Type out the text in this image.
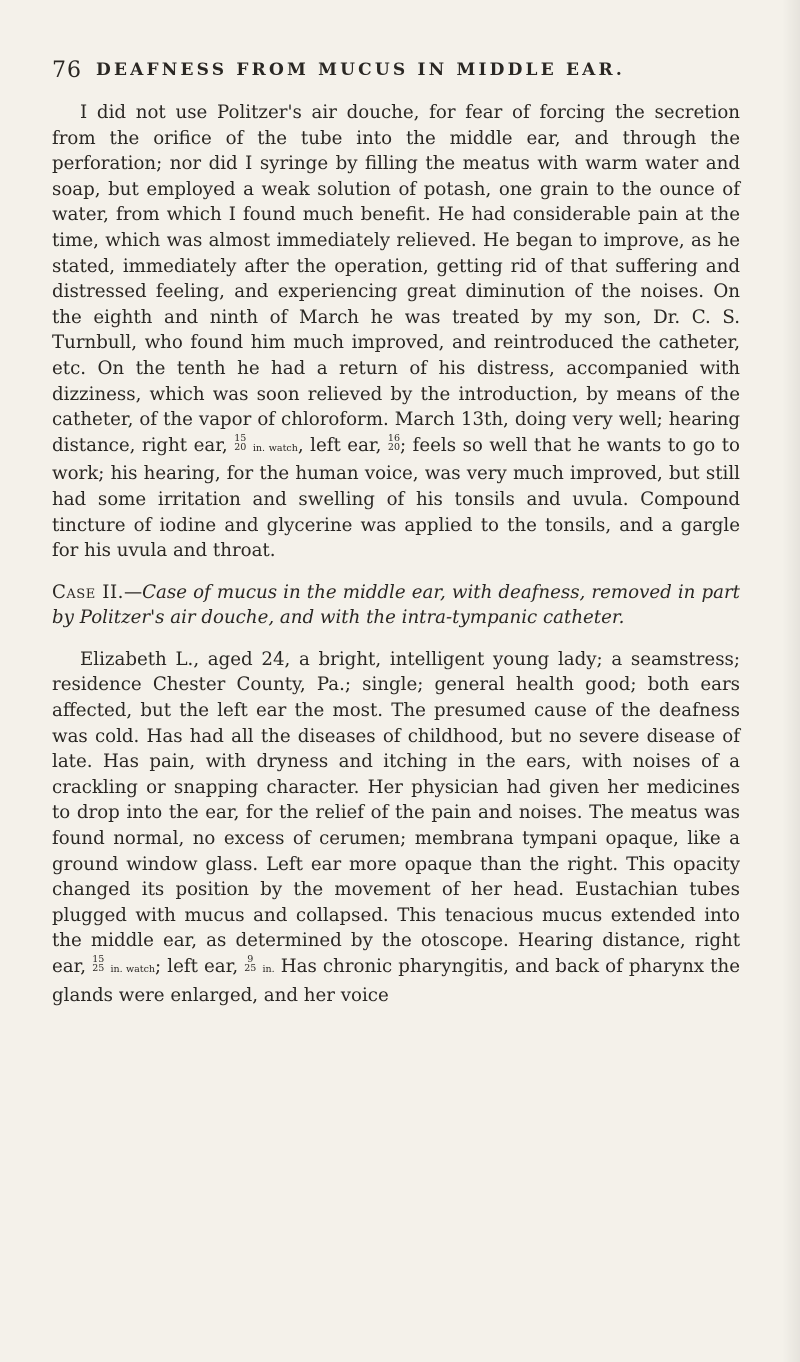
76 DEAFNESS FROM MUCUS IN MIDDLE EAR.

I did not use Politzer's air douche, for fear of forcing the secretion from the orifice of the tube into the middle ear, and through the perforation; nor did I syringe by filling the meatus with warm water and soap, but employed a weak solution of potash, one grain to the ounce of water, from which I found much benefit. He had considerable pain at the time, which was almost immediately relieved. He began to improve, as he stated, immediately after the operation, getting rid of that suffering and distressed feeling, and experiencing great diminution of the noises. On the eighth and ninth of March he was treated by my son, Dr. C. S. Turnbull, who found him much improved, and reintroduced the catheter, etc. On the tenth he had a return of his distress, accompanied with dizziness, which was soon relieved by the introduction, by means of the catheter, of the vapor of chloroform. March 13th, doing very well; hearing distance, right ear, 15
20 in. watch, left ear, 16
20 ; feels so well that he wants to go to work; his hearing, for the human voice, was very much improved, but still had some irritation and swelling of his tonsils and uvula. Compound tincture of iodine and glycerine was applied to the tonsils, and a gargle for his uvula and throat.

Case II.—Case of mucus in the middle ear, with deafness, removed in part by Politzer's air douche, and with the intra-tympanic catheter.

Elizabeth L., aged 24, a bright, intelligent young lady; a seamstress; residence Chester County, Pa.; single; general health good; both ears affected, but the left ear the most. The presumed cause of the deafness was cold. Has had all the diseases of childhood, but no severe disease of late. Has pain, with dryness and itching in the ears, with noises of a crackling or snapping character. Her physician had given her medicines to drop into the ear, for the relief of the pain and noises. The meatus was found normal, no excess of cerumen; membrana tympani opaque, like a ground window glass. Left ear more opaque than the right. This opacity changed its position by the movement of her head. Eustachian tubes plugged with mucus and collapsed. This tenacious mucus extended into the middle ear, as determined by the otoscope. Hearing distance, right ear, 15
25 in. watch; left ear, 9
25 in. Has chronic pharyngitis, and back of pharynx the glands were enlarged, and her voice
